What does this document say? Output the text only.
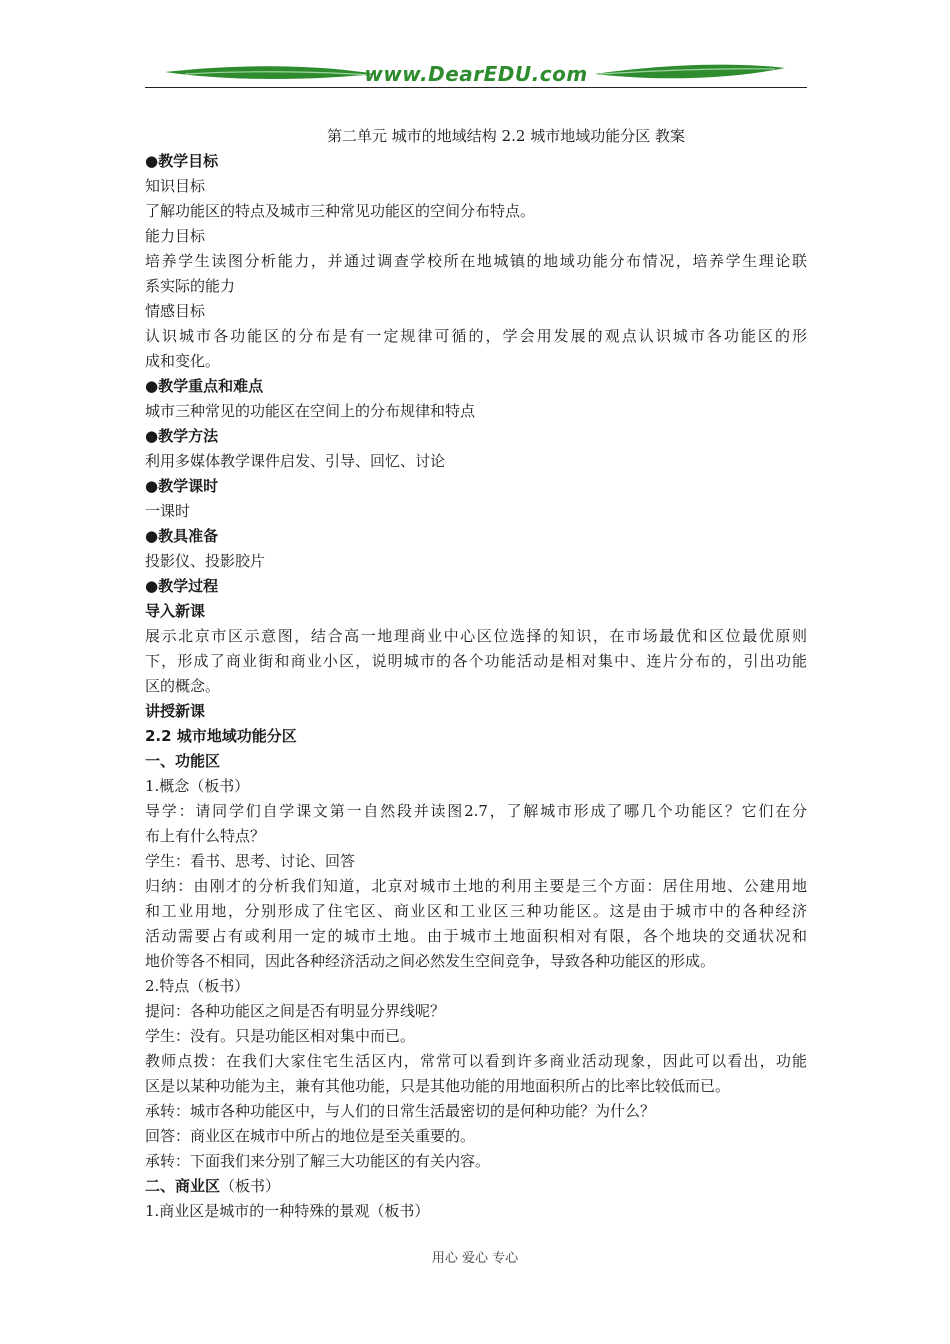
www.DearEDU.com
第二单元 城市的地域结构 2.2 城市地域功能分区 教案
●教学目标
知识目标
了解功能区的特点及城市三种常见功能区的空间分布特点。
能力目标
培养学生读图分析能力，并通过调查学校所在地城镇的地域功能分布情况，培养学生理论联
系实际的能力
情感目标
认识城市各功能区的分布是有一定规律可循的，学会用发展的观点认识城市各功能区的形
成和变化。
●教学重点和难点
城市三种常见的功能区在空间上的分布规律和特点
●教学方法
利用多媒体教学课件启发、引导、回忆、讨论
●教学课时
一课时
●教具准备
投影仪、投影胶片
●教学过程
导入新课
展示北京市区示意图，结合高一地理商业中心区位选择的知识，在市场最优和区位最优原则
下，形成了商业街和商业小区，说明城市的各个功能活动是相对集中、连片分布的，引出功能
区的概念。
讲授新课
2.2 城市地域功能分区
一、功能区
1.概念（板书）
导学：请同学们自学课文第一自然段并读图2.7，了解城市形成了哪几个功能区？它们在分
布上有什么特点？
学生：看书、思考、讨论、回答
归纳：由刚才的分析我们知道，北京对城市土地的利用主要是三个方面：居住用地、公建用地
和工业用地，分别形成了住宅区、商业区和工业区三种功能区。这是由于城市中的各种经济
活动需要占有或利用一定的城市土地。由于城市土地面积相对有限，各个地块的交通状况和
地价等各不相同，因此各种经济活动之间必然发生空间竞争，导致各种功能区的形成。
2.特点（板书）
提问：各种功能区之间是否有明显分界线呢？
学生：没有。只是功能区相对集中而已。
教师点拨：在我们大家住宅生活区内，常常可以看到许多商业活动现象，因此可以看出，功能
区是以某种功能为主，兼有其他功能，只是其他功能的用地面积所占的比率比较低而已。
承转：城市各种功能区中，与人们的日常生活最密切的是何种功能？为什么？
回答：商业区在城市中所占的地位是至关重要的。
承转：下面我们来分别了解三大功能区的有关内容。
二、商业区（板书）
1.商业区是城市的一种特殊的景观（板书）
用心 爱心 专心
